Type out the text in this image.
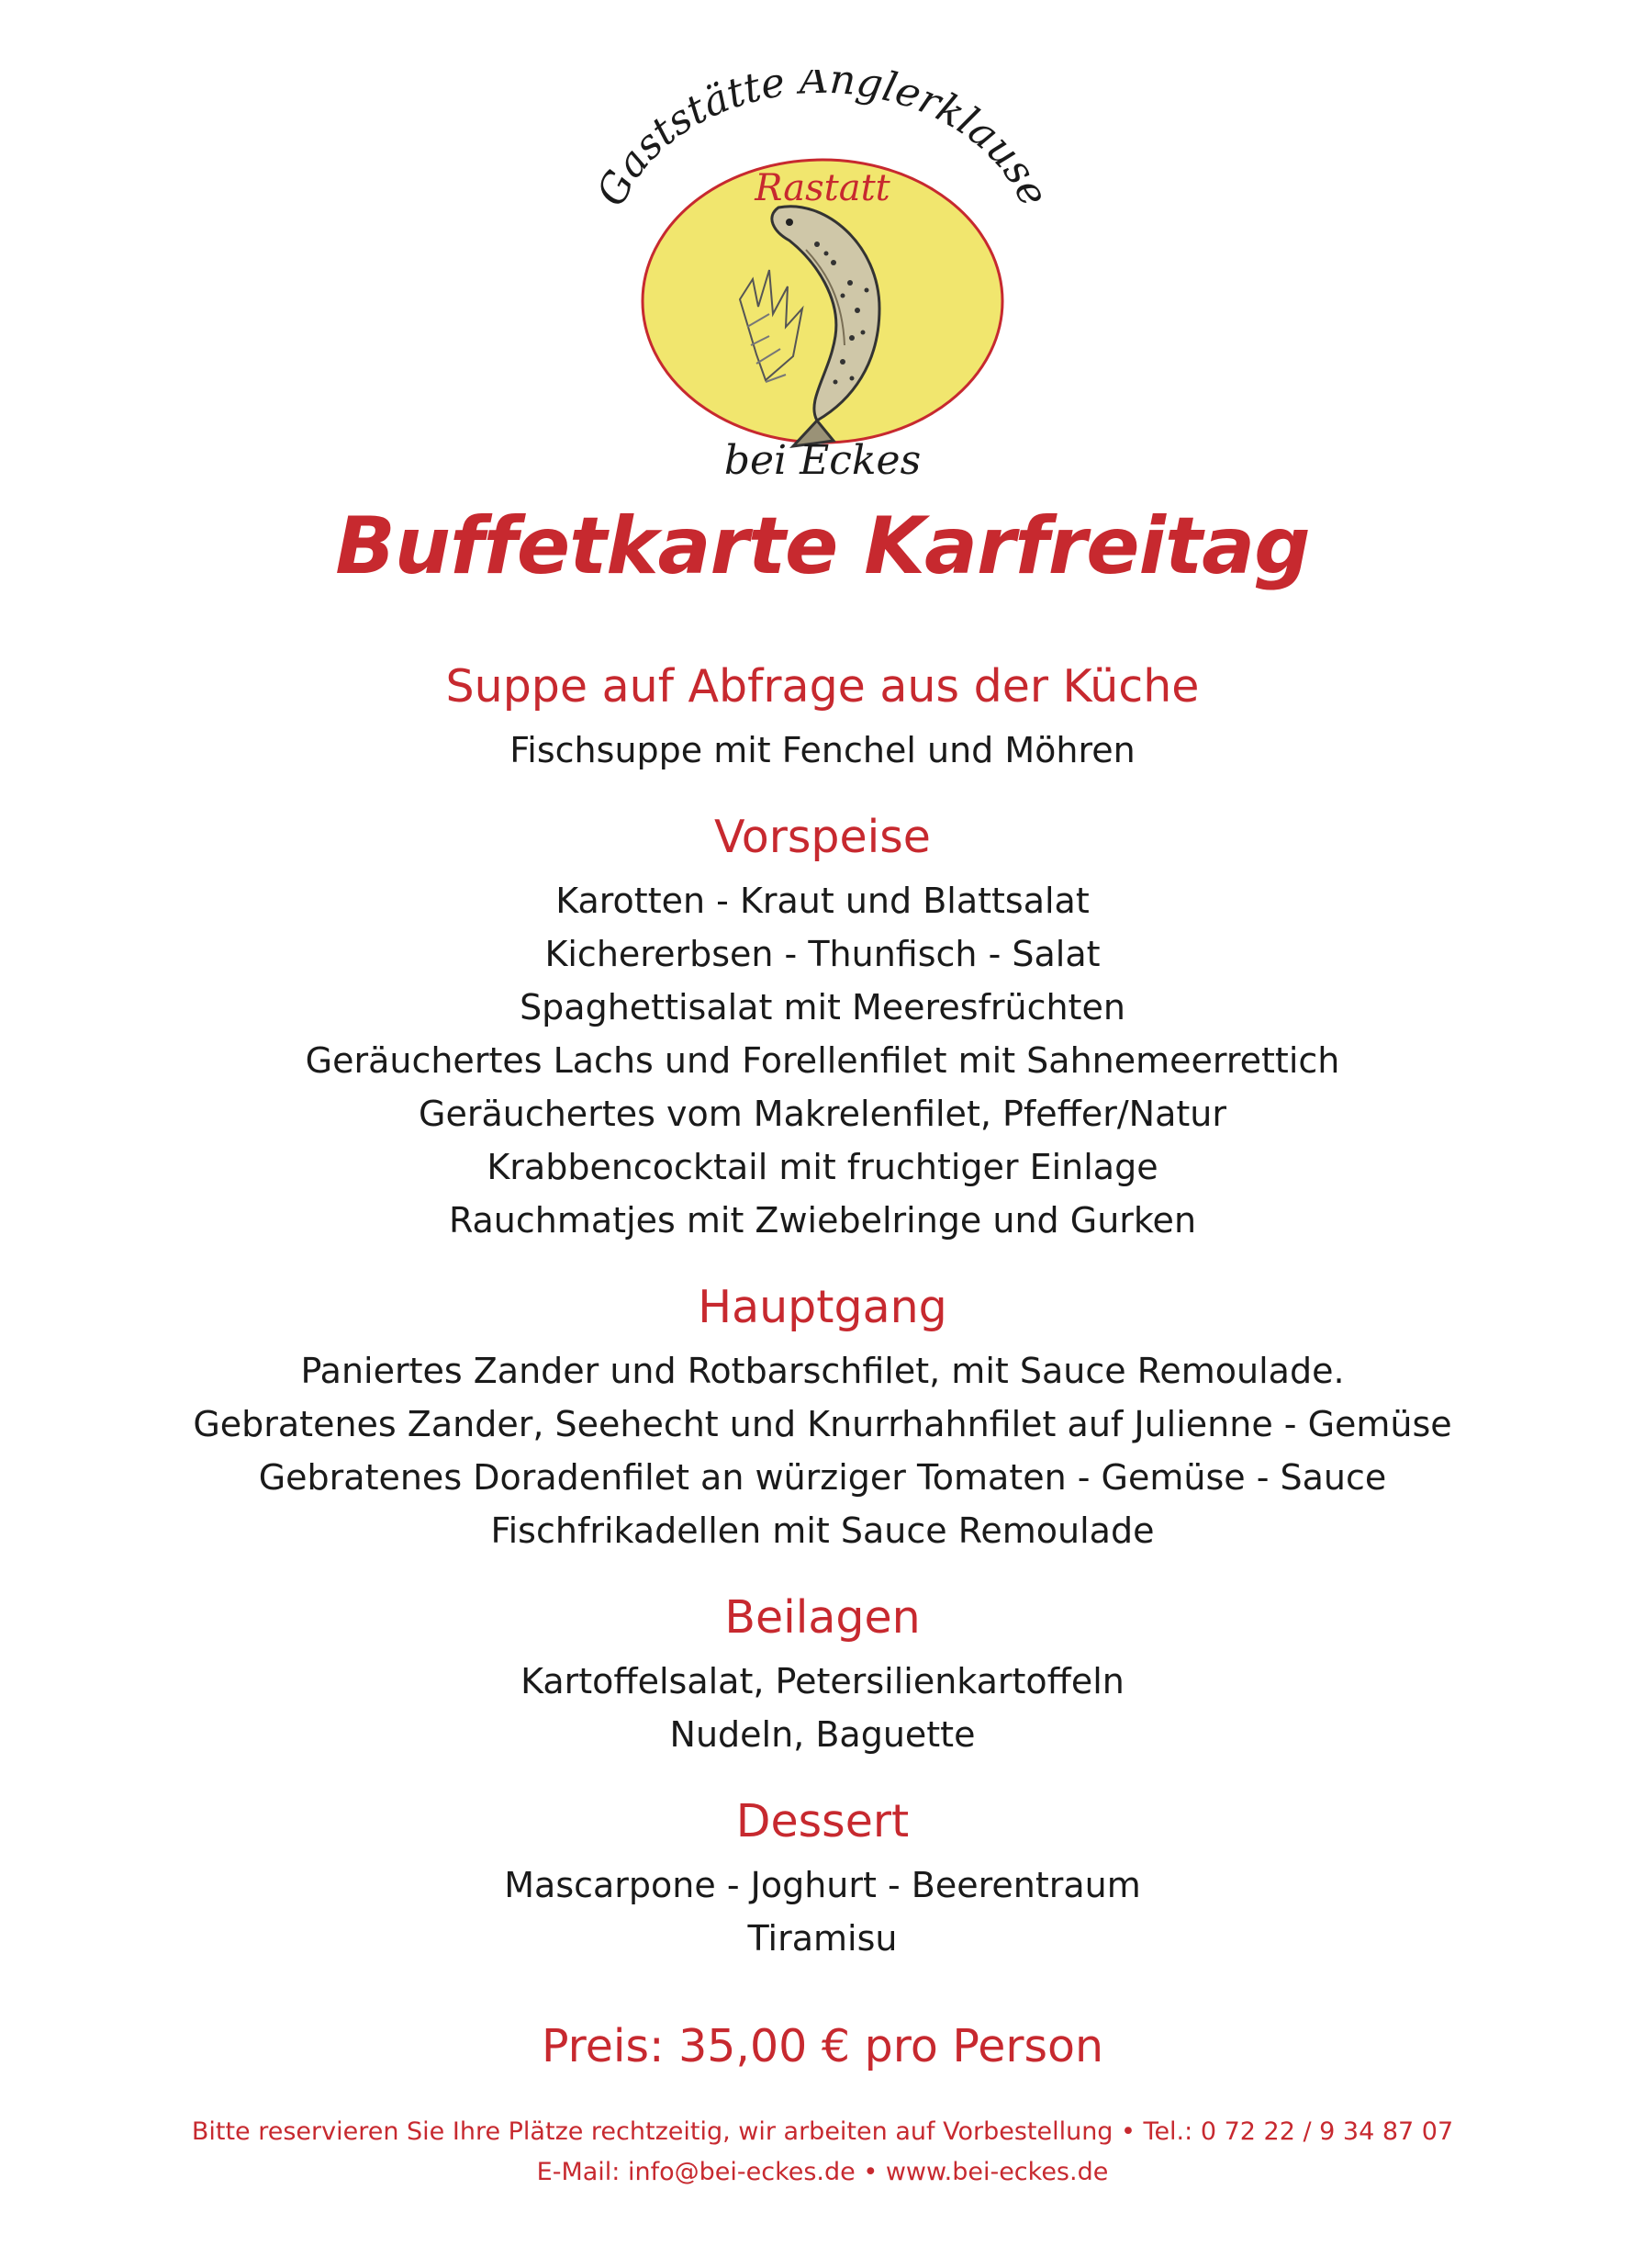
Gaststätte Anglerklause
Rastatt
bei Eckes
Buffetkarte Karfreitag
Suppe auf Abfrage aus der Küche
Fischsuppe mit Fenchel und Möhren
Vorspeise
Karotten - Kraut und Blattsalat
Kichererbsen - Thunfisch - Salat
Spaghettisalat mit Meeresfrüchten
Geräuchertes Lachs und Forellenfilet mit Sahnemeerrettich
Geräuchertes vom Makrelenfilet, Pfeffer/Natur
Krabbencocktail mit fruchtiger Einlage
Rauchmatjes mit Zwiebelringe und Gurken
Hauptgang
Paniertes Zander und Rotbarschfilet, mit Sauce Remoulade.
Gebratenes Zander, Seehecht und Knurrhahnfilet auf Julienne - Gemüse
Gebratenes Doradenfilet an würziger Tomaten - Gemüse - Sauce
Fischfrikadellen mit Sauce Remoulade
Beilagen
Kartoffelsalat, Petersilienkartoffeln
Nudeln, Baguette
Dessert
Mascarpone - Joghurt - Beerentraum
Tiramisu
Preis: 35,00 € pro Person
Bitte reservieren Sie Ihre Plätze rechtzeitig, wir arbeiten auf Vorbestellung • Tel.: 0 72 22 / 9 34 87 07
E-Mail: info@bei-eckes.de • www.bei-eckes.de
